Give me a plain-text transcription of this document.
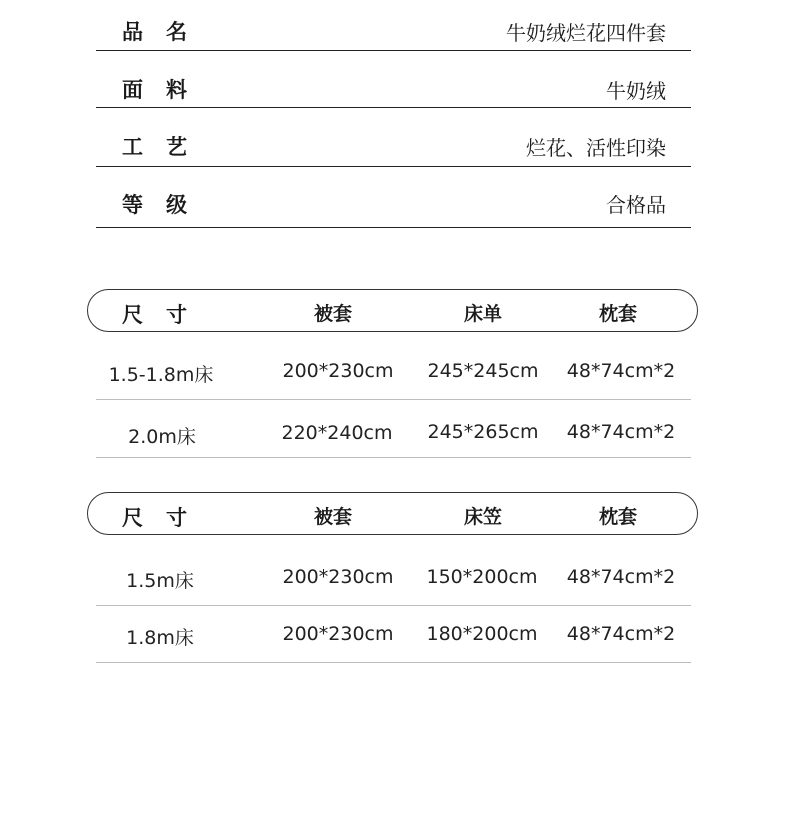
品名	牛奶绒烂花四件套
面料	牛奶绒
工艺	烂花、活性印染
等级	合格品
尺寸	被套	床单	枕套
1.5-1.8m床	200*230cm 245*245cm 48*74cm*2
2.0m床	220*240cm 245*265cm 48*74cm*2
尺寸	被套	床笠	枕套
1.5m床	200*230cm 150*200cm 48*74cm*2
1.8m床	200*230cm 180*200cm 48*74cm*2
